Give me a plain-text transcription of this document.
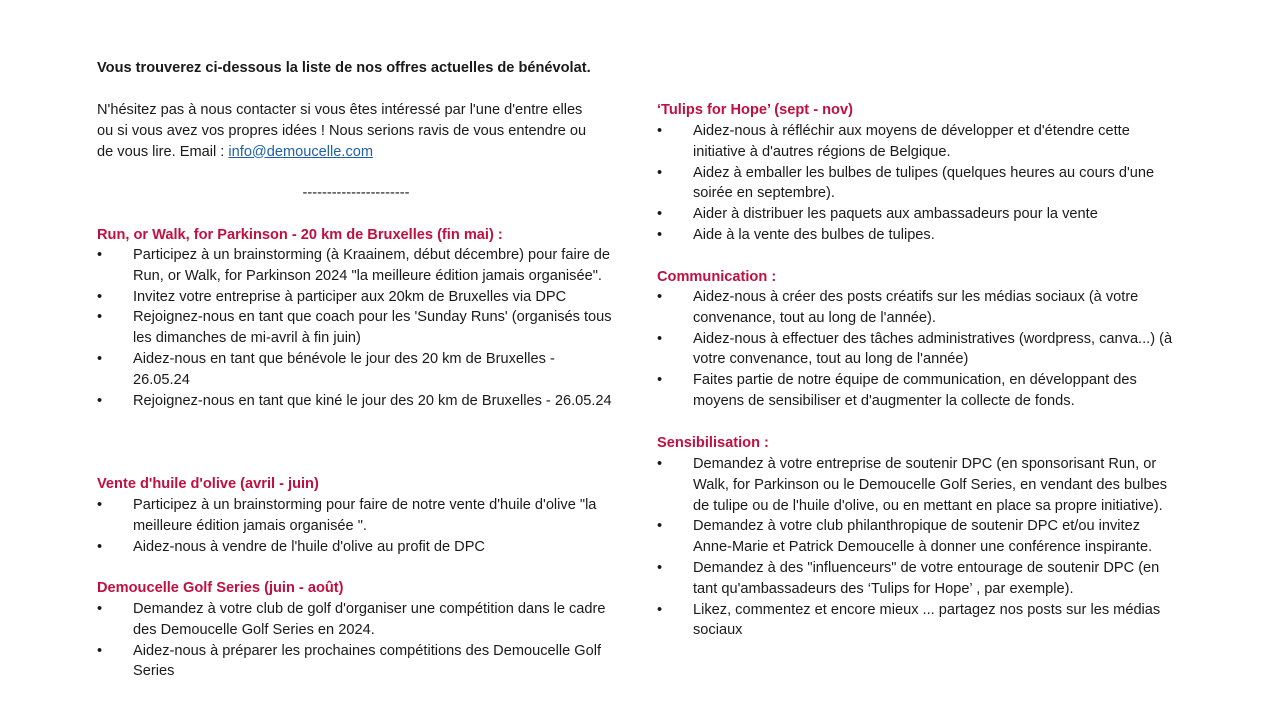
Vous trouverez ci-dessous la liste de nos offres actuelles de bénévolat.
N'hésitez pas à nous contacter si vous êtes intéressé par l'une d'entre elles ou si vous avez vos propres idées ! Nous serions ravis de vous entendre ou de vous lire. Email : info@demoucelle.com
----------------------
Run, or Walk, for Parkinson - 20 km de Bruxelles (fin mai) :
•	Participez à un brainstorming (à Kraainem, début décembre) pour faire de Run, or Walk, for Parkinson 2024 "la meilleure édition jamais organisée".
•	Invitez votre entreprise à participer aux 20km de Bruxelles via DPC
•	Rejoignez-nous en tant que coach pour les 'Sunday Runs' (organisés tous les dimanches de mi-avril à fin juin)
•	Aidez-nous en tant que bénévole le jour des 20 km de Bruxelles - 26.05.24
•	Rejoignez-nous en tant que kiné le jour des 20 km de Bruxelles - 26.05.24
Vente d'huile d'olive (avril - juin)
•	Participez à un brainstorming pour faire de notre vente d'huile d'olive "la meilleure édition jamais organisée ".
•	Aidez-nous à vendre de l'huile d'olive au profit de DPC
Demoucelle Golf Series (juin - août)
•	Demandez à votre club de golf d'organiser une compétition dans le cadre des Demoucelle Golf Series en 2024.
•	Aidez-nous à préparer les prochaines compétitions des Demoucelle Golf Series
‘Tulips for Hope’ (sept - nov)
•	Aidez-nous à réfléchir aux moyens de développer et d'étendre cette initiative à d'autres régions de Belgique.
•	Aidez à emballer les bulbes de tulipes (quelques heures au cours d'une soirée en septembre).
•	Aider à distribuer les paquets aux ambassadeurs pour la vente
•	Aide à la vente des bulbes de tulipes.
Communication :
•	Aidez-nous à créer des posts créatifs sur les médias sociaux (à votre convenance, tout au long de l'année).
•	Aidez-nous à effectuer des tâches administratives (wordpress, canva...) (à votre convenance, tout au long de l'année)
•	Faites partie de notre équipe de communication, en développant des moyens de sensibiliser et d'augmenter la collecte de fonds.
Sensibilisation :
•	Demandez à votre entreprise de soutenir DPC (en sponsorisant Run, or Walk, for Parkinson ou le Demoucelle Golf Series, en vendant des bulbes de tulipe ou de l'huile d'olive, ou en mettant en place sa propre initiative).
•	Demandez à votre club philanthropique de soutenir DPC et/ou invitez Anne-Marie et Patrick Demoucelle à donner une conférence inspirante.
•	Demandez à des "influenceurs" de votre entourage de soutenir DPC (en tant qu'ambassadeurs des ‘Tulips for Hope’ , par exemple).
•	Likez, commentez et encore mieux ... partagez nos posts sur les médias sociaux
